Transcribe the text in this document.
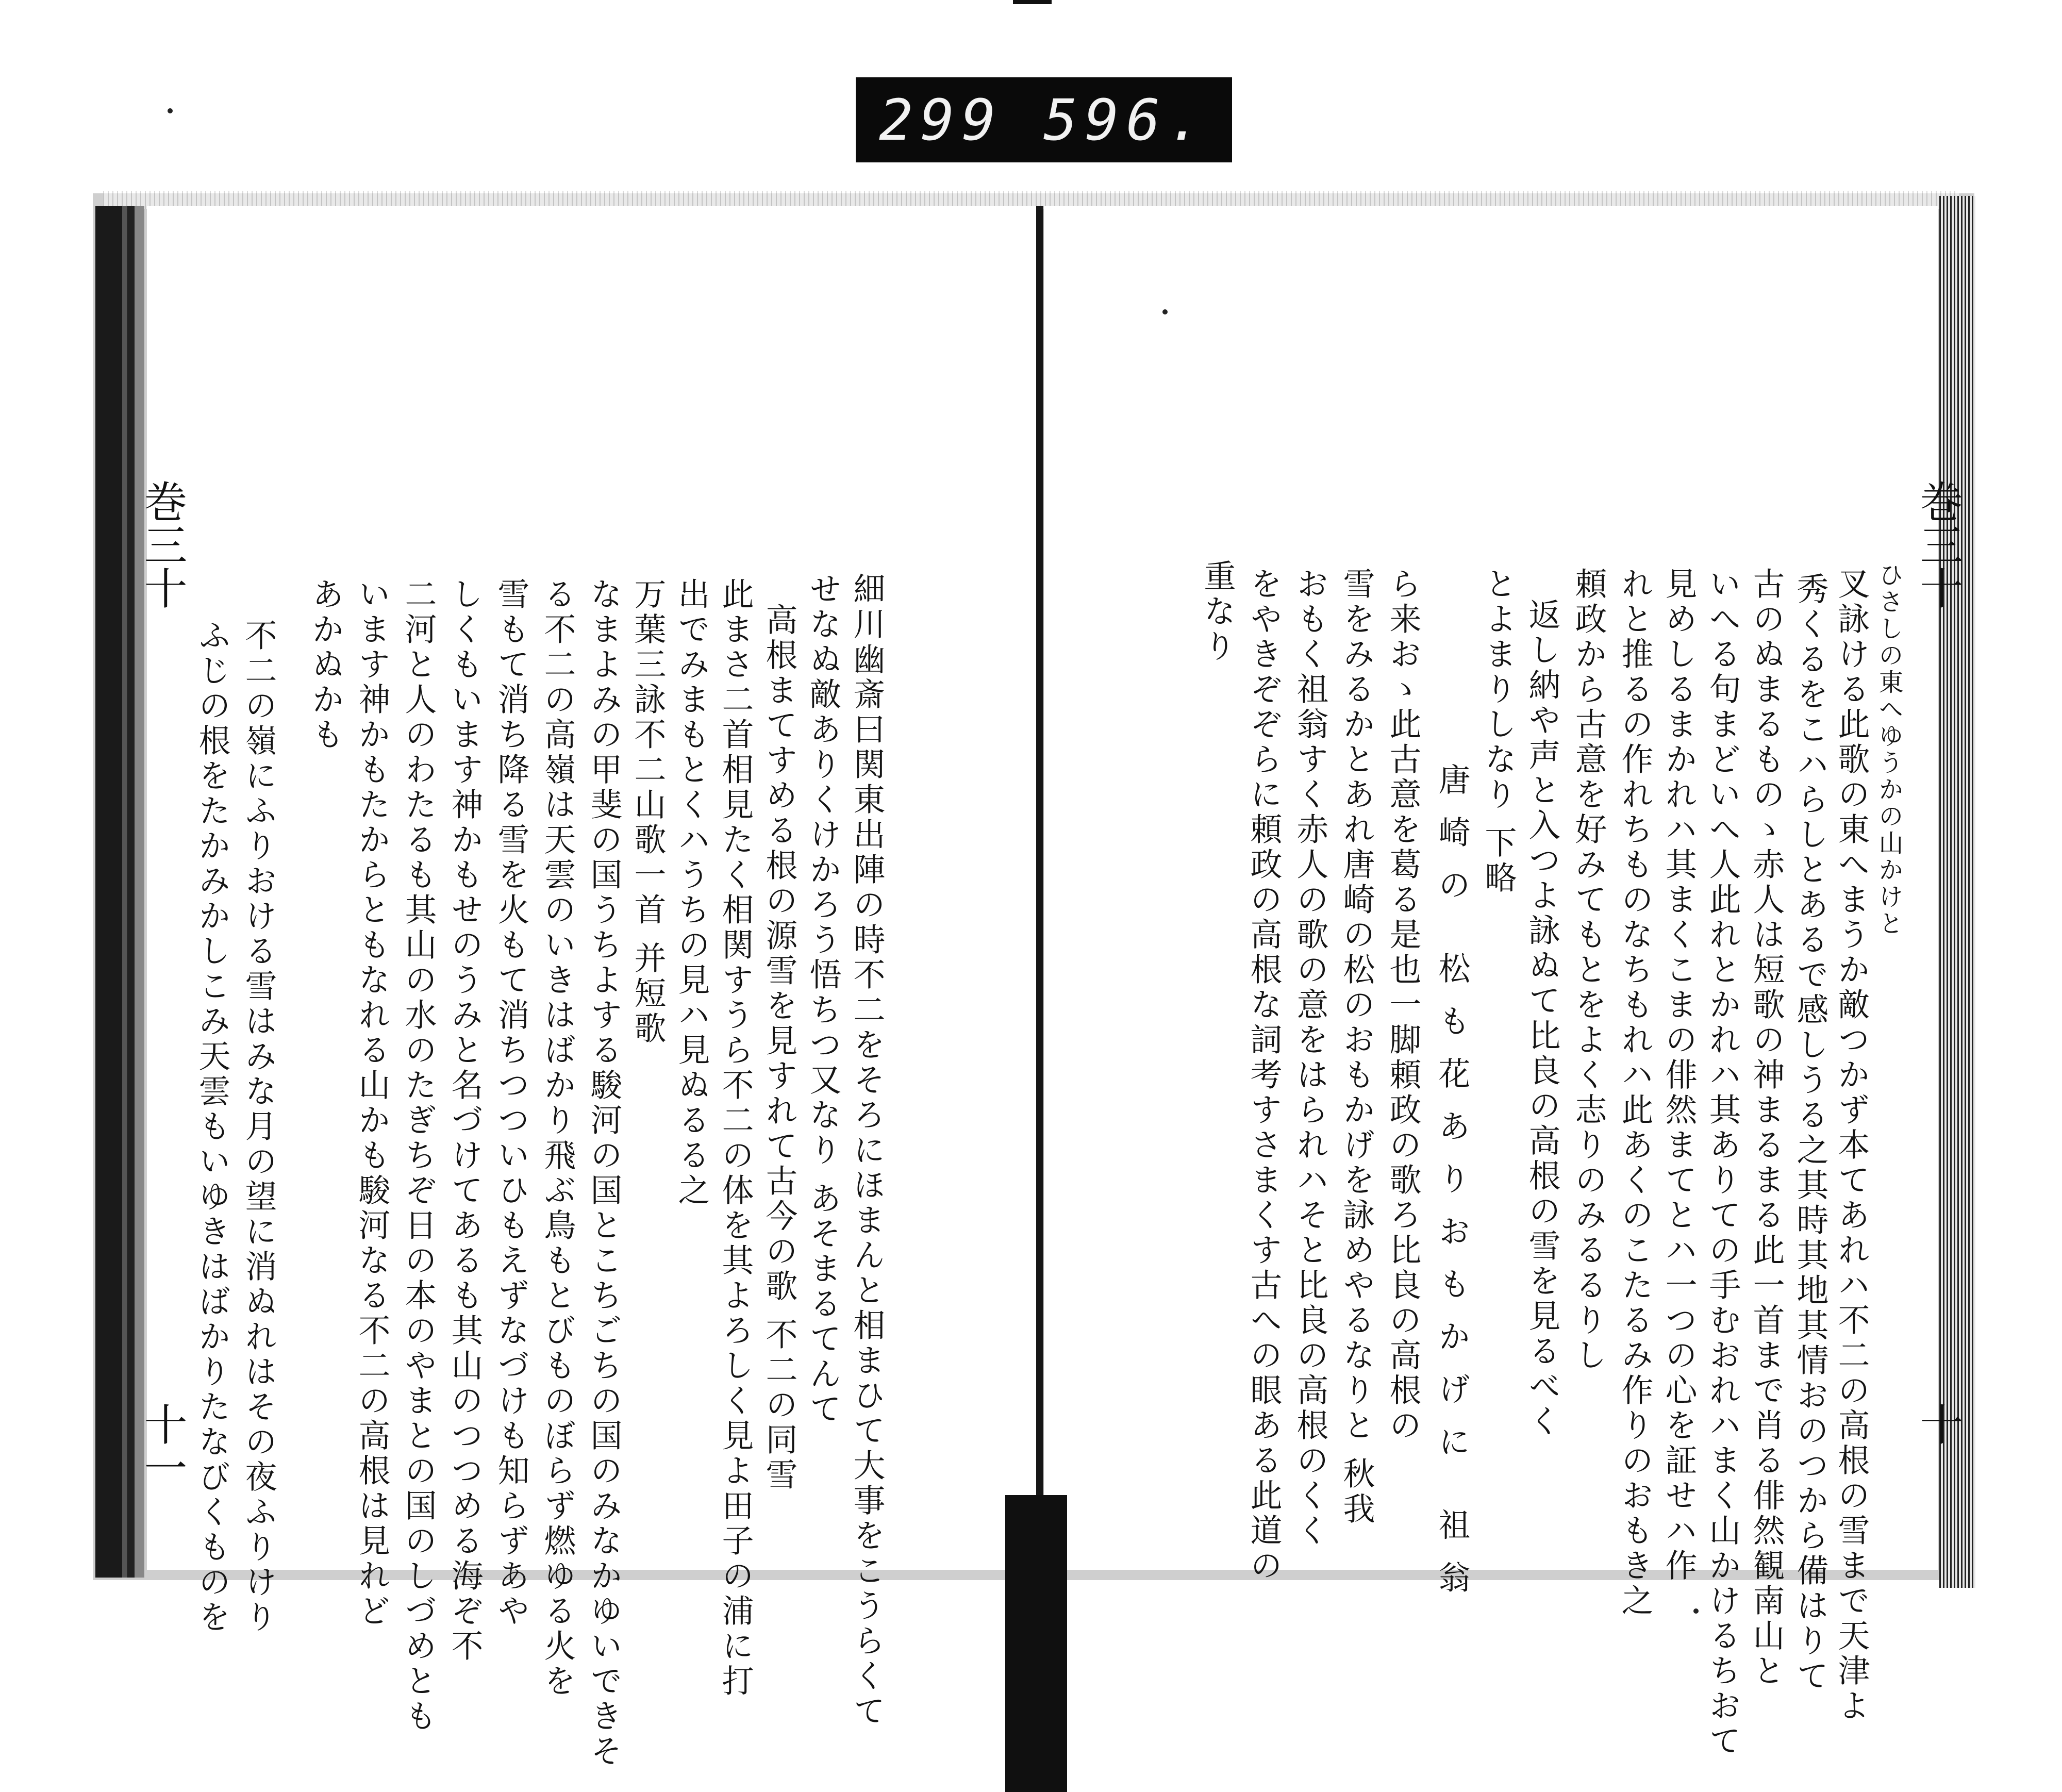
299 596.
巻三十
十一
巻三十
十
ひさしの東へゆうかの山かけと
叉詠ける此歌の東へまうか敵つかず本てあれハ不二の高根の雪まで天津よ
秀くるをこハらしとあるで感しうる之其時其地其情おのつから備はりて
古のぬまるものゝ赤人は短歌の神まるまる此一首まで肖る俳然観南山と
いへる句まどいへ人此れとかれハ其ありての手むおれハまく山かけるちおて
見めしるまかれハ其まくこまの俳然まてとハ一つの心を証せハ作
れと推るの作れちものなちもれハ此あくのこたるみ作りのおもき之
頼政から古意を好みてもとをよく志りのみるるりし
返し納や声と入つよ詠ぬて比良の高根の雪を見るべく
とよまりしなり 下略
唐崎の 松も花ありおもかげに 祖翁
ら来おゝ此古意を葛る是也一脚頼政の歌ろ比良の高根の
雪をみるかとあれ唐崎の松のおもかげを詠めやるなりと 秋我
おもく祖翁すく赤人の歌の意をはられハそと比良の高根のくく
をやきぞぞらに頼政の高根な詞考すさまくす古への眼ある此道の
重なり
細川幽斎曰関東出陣の時不二をそろにほまんと相まひて大事をこうらくて
せなぬ敵ありくけかろう悟ちつ又なり あそまるてんて
高根まてすめる根の源雪を見すれて古今の歌 不二の同雪
此まさ二首相見たく相関すうら不二の体を其よろしく見よ田子の浦に打
出でみまもとくハうちの見ハ見ぬるる之
万葉三詠不二山歌一首 并短歌
なまよみの甲斐の国うちよする駿河の国とこちごちの国のみなかゆいできそ
る不二の高嶺は天雲のいきはばかり飛ぶ鳥もとびものぼらず燃ゆる火を
雪もて消ち降る雪を火もて消ちつついひもえずなづけも知らずあや
しくもいます神かもせのうみと名づけてあるも其山のつつめる海ぞ不
二河と人のわたるも其山の水のたぎちぞ日の本のやまとの国のしづめとも
います神かもたからともなれる山かも駿河なる不二の高根は見れど
あかぬかも
不二の嶺にふりおける雪はみな月の望に消ぬれはその夜ふりけり
ふじの根をたかみかしこみ天雲もいゆきはばかりたなびくものを
